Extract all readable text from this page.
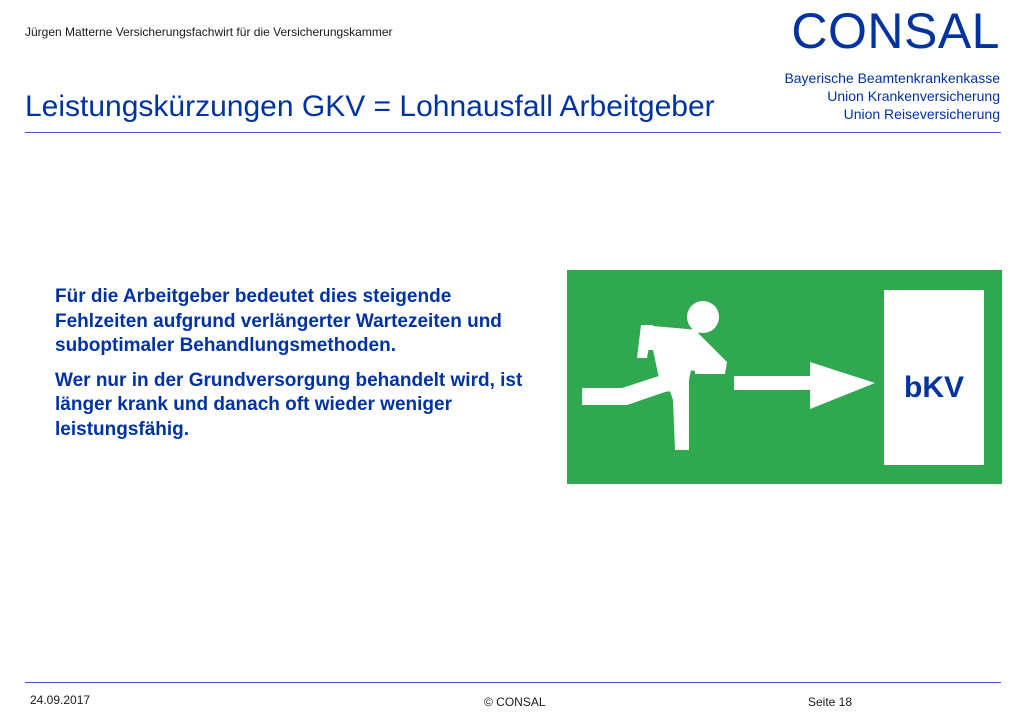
Jürgen Matterne Versicherungsfachwirt für die Versicherungskammer	CONSAL
Bayerische Beamtenkrankenkasse
Union Krankenversicherung
Union Reiseversicherung
Leistungskürzungen GKV = Lohnausfall Arbeitgeber

Für die Arbeitgeber bedeutet dies steigende Fehlzeiten aufgrund verlängerter Wartezeiten und suboptimaler Behandlungsmethoden.

Wer nur in der Grundversorgung behandelt wird, ist länger krank und danach oft wieder weniger leistungsfähig.

bKV
24.09.2017	© CONSAL	Seite 18
